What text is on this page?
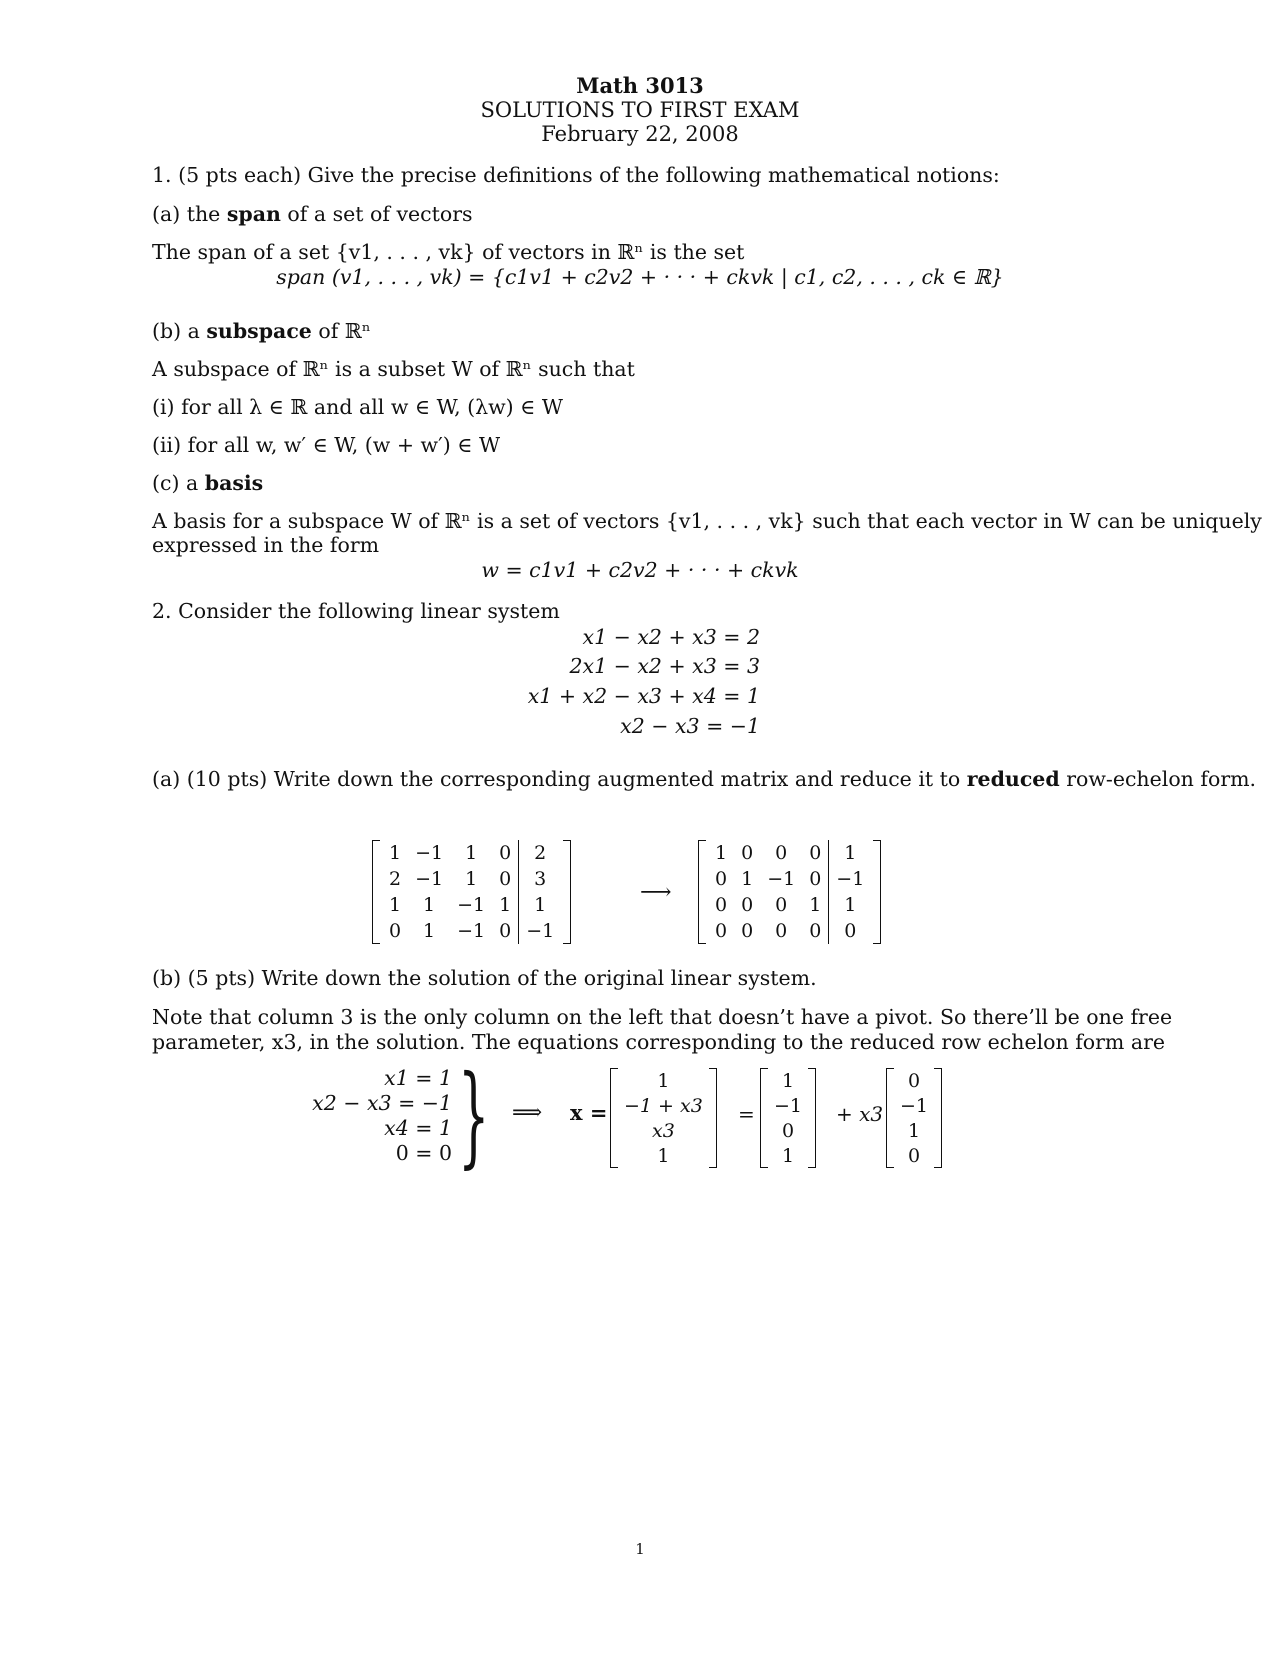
Math 3013
SOLUTIONS TO FIRST EXAM
February 22, 2008
1. (5 pts each) Give the precise definitions of the following mathematical notions:
(a) the span of a set of vectors
The span of a set {v1, . . . , vk} of vectors in ℝⁿ is the set
span (v1, . . . , vk) = {c1v1 + c2v2 + · · · + ckvk | c1, c2, . . . , ck ∈ ℝ}
(b) a subspace of ℝⁿ
A subspace of ℝⁿ is a subset W of ℝⁿ such that
(i) for all λ ∈ ℝ and all w ∈ W, (λw) ∈ W
(ii) for all w, w′ ∈ W, (w + w′) ∈ W
(c) a basis
A basis for a subspace W of ℝⁿ is a set of vectors {v1, . . . , vk} such that each vector in W can be uniquely
expressed in the form
w = c1v1 + c2v2 + · · · + ckvk
2. Consider the following linear system
x1 − x2 + x3 = 2
2x1 − x2 + x3 = 3
x1 + x2 − x3 + x4 = 1
x2 − x3 = −1
(a) (10 pts) Write down the corresponding augmented matrix and reduce it to reduced row-echelon form.
1	−1	1	0	2
2	−1	1	0	3
1	1	−1	1	1
0	1	−1	0	−1
⟶
1	0	0	0	1
0	1	−1	0	−1
0	0	0	1	1
0	0	0	0	0
(b) (5 pts) Write down the solution of the original linear system.
Note that column 3 is the only column on the left that doesn’t have a pivot. So there’ll be one free
parameter, x3, in the solution. The equations corresponding to the reduced row echelon form are
x1 = 1
x2 − x3 = −1
x4 = 1
0 = 0 } ⟹ x =
1
−1 + x3
x3
1
=
1
−1
0
1
+ x3
0
−1
1
0
1
